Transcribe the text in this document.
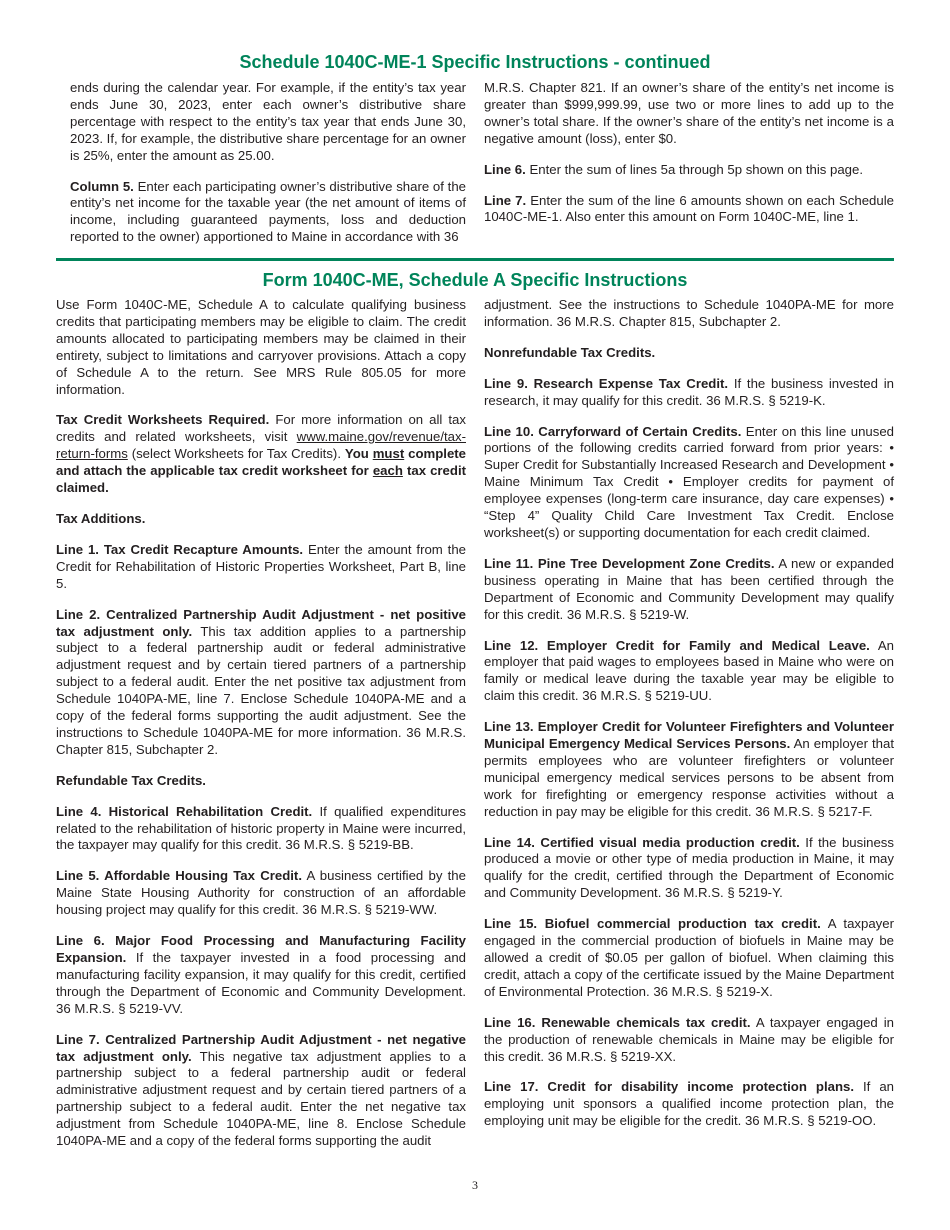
Schedule 1040C-ME-1 Specific Instructions - continued

ends during the calendar year. For example, if the entity’s tax year ends June 30, 2023, enter each owner’s distributive share percentage with respect to the entity’s tax year that ends June 30, 2023. If, for example, the distributive share percentage for an owner is 25%, enter the amount as 25.00.

Column 5. Enter each participating owner’s distributive share of the entity’s net income for the taxable year (the net amount of items of income, including guaranteed payments, loss and deduction reported to the owner) apportioned to Maine in accordance with 36

M.R.S. Chapter 821. If an owner’s share of the entity’s net income is greater than $999,999.99, use two or more lines to add up to the owner’s total share. If the owner’s share of the entity’s net income is a negative amount (loss), enter $0.

Line 6. Enter the sum of lines 5a through 5p shown on this page.

Line 7. Enter the sum of the line 6 amounts shown on each Schedule 1040C-ME-1. Also enter this amount on Form 1040C-ME, line 1.

Form 1040C-ME, Schedule A Specific Instructions

Use Form 1040C-ME, Schedule A to calculate qualifying business credits that participating members may be eligible to claim. The credit amounts allocated to participating members may be claimed in their entirety, subject to limitations and carryover provisions. Attach a copy of Schedule A to the return. See MRS Rule 805.05 for more information.

Tax Credit Worksheets Required. For more information on all tax credits and related worksheets, visit www.maine.gov/revenue/tax-return-forms (select Worksheets for Tax Credits). You must complete and attach the applicable tax credit worksheet for each tax credit claimed.

Tax Additions.

Line 1. Tax Credit Recapture Amounts. Enter the amount from the Credit for Rehabilitation of Historic Properties Worksheet, Part B, line 5.

Line 2. Centralized Partnership Audit Adjustment - net positive tax adjustment only. This tax addition applies to a partnership subject to a federal partnership audit or federal administrative adjustment request and by certain tiered partners of a partnership subject to a federal audit. Enter the net positive tax adjustment from Schedule 1040PA-ME, line 7. Enclose Schedule 1040PA-ME and a copy of the federal forms supporting the audit adjustment. See the instructions to Schedule 1040PA-ME for more information. 36 M.R.S. Chapter 815, Subchapter 2.

Refundable Tax Credits.

Line 4. Historical Rehabilitation Credit. If qualified expenditures related to the rehabilitation of historic property in Maine were incurred, the taxpayer may qualify for this credit. 36 M.R.S. § 5219-BB.

Line 5. Affordable Housing Tax Credit. A business certified by the Maine State Housing Authority for construction of an affordable housing project may qualify for this credit. 36 M.R.S. § 5219-WW.

Line 6. Major Food Processing and Manufacturing Facility Expansion. If the taxpayer invested in a food processing and manufacturing facility expansion, it may qualify for this credit, certified through the Department of Economic and Community Development. 36 M.R.S. § 5219-VV.

Line 7. Centralized Partnership Audit Adjustment - net negative tax adjustment only. This negative tax adjustment applies to a partnership subject to a federal partnership audit or federal administrative adjustment request and by certain tiered partners of a partnership subject to a federal audit. Enter the net negative tax adjustment from Schedule 1040PA-ME, line 8. Enclose Schedule 1040PA-ME and a copy of the federal forms supporting the audit

adjustment. See the instructions to Schedule 1040PA-ME for more information. 36 M.R.S. Chapter 815, Subchapter 2.

Nonrefundable Tax Credits.

Line 9. Research Expense Tax Credit. If the business invested in research, it may qualify for this credit. 36 M.R.S. § 5219-K.

Line 10. Carryforward of Certain Credits. Enter on this line unused portions of the following credits carried forward from prior years: • Super Credit for Substantially Increased Research and Development • Maine Minimum Tax Credit • Employer credits for payment of employee expenses (long-term care insurance, day care expenses) • “Step 4” Quality Child Care Investment Tax Credit. Enclose worksheet(s) or supporting documentation for each credit claimed.

Line 11. Pine Tree Development Zone Credits. A new or expanded business operating in Maine that has been certified through the Department of Economic and Community Development may qualify for this credit. 36 M.R.S. § 5219-W.

Line 12. Employer Credit for Family and Medical Leave. An employer that paid wages to employees based in Maine who were on family or medical leave during the taxable year may be eligible to claim this credit. 36 M.R.S. § 5219-UU.

Line 13. Employer Credit for Volunteer Firefighters and Volunteer Municipal Emergency Medical Services Persons. An employer that permits employees who are volunteer firefighters or volunteer municipal emergency medical services persons to be absent from work for firefighting or emergency response activities without a reduction in pay may be eligible for this credit. 36 M.R.S. § 5217-F.

Line 14. Certified visual media production credit. If the business produced a movie or other type of media production in Maine, it may qualify for the credit, certified through the Department of Economic and Community Development. 36 M.R.S. § 5219-Y.

Line 15. Biofuel commercial production tax credit. A taxpayer engaged in the commercial production of biofuels in Maine may be allowed a credit of $0.05 per gallon of biofuel. When claiming this credit, attach a copy of the certificate issued by the Maine Department of Environmental Protection. 36 M.R.S. § 5219-X.

Line 16. Renewable chemicals tax credit. A taxpayer engaged in the production of renewable chemicals in Maine may be eligible for this credit. 36 M.R.S. § 5219-XX.

Line 17. Credit for disability income protection plans. If an employing unit sponsors a qualified income protection plan, the employing unit may be eligible for the credit. 36 M.R.S. § 5219-OO.

3
